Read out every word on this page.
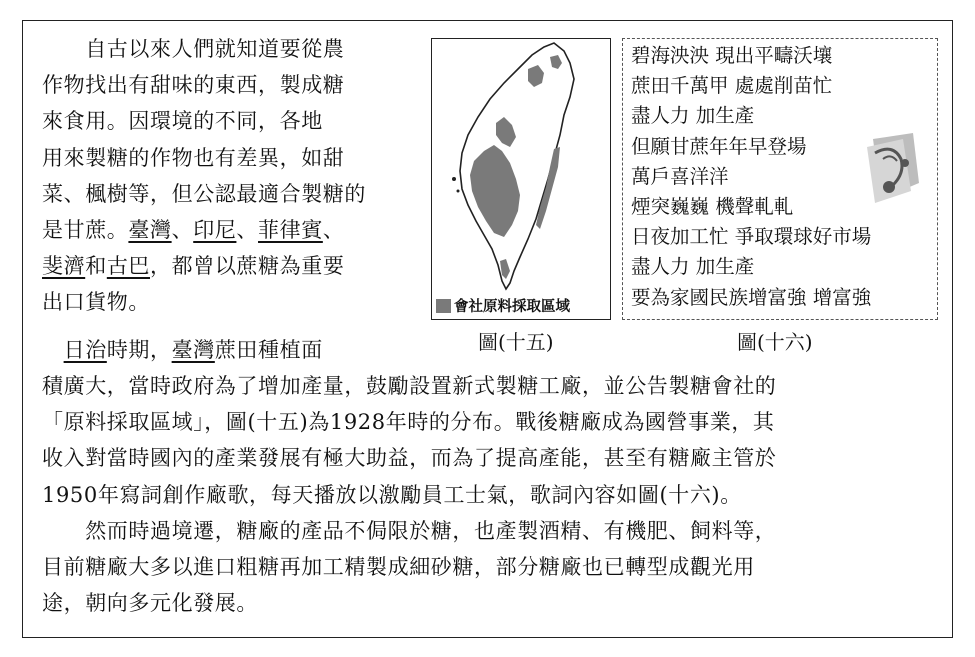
　　自古以來人們就知道要從農
作物找出有甜味的東西，製成糖
來食用。因環境的不同，各地
用來製糖的作物也有差異，如甜
菜、楓樹等，但公認最適合製糖的
是甘蔗。臺灣、印尼、菲律賓、
斐濟和古巴，都曾以蔗糖為重要
出口貨物。
　日治時期，臺灣蔗田種植面
積廣大，當時政府為了增加產量，鼓勵設置新式製糖工廠，並公告製糖會社的
「原料採取區域」，圖(十五)為1928年時的分布。戰後糖廠成為國營事業，其
收入對當時國內的產業發展有極大助益，而為了提高產能，甚至有糖廠主管於
1950年寫詞創作廠歌，每天播放以激勵員工士氣，歌詞內容如圖(十六)。
　　然而時過境遷，糖廠的產品不侷限於糖，也產製酒精、有機肥、飼料等，
目前糖廠大多以進口粗糖再加工精製成細砂糖，部分糖廠也已轉型成觀光用
途，朝向多元化發展。
會社原料採取區域
圖(十五)
碧海泱泱 現出平疇沃壤
蔗田千萬甲 處處削苗忙
盡人力 加生產
但願甘蔗年年早登場
萬戶喜洋洋
煙突巍巍 機聲軋軋
日夜加工忙 爭取環球好市場
盡人力 加生產
要為家國民族增富強 增富強
圖(十六)
